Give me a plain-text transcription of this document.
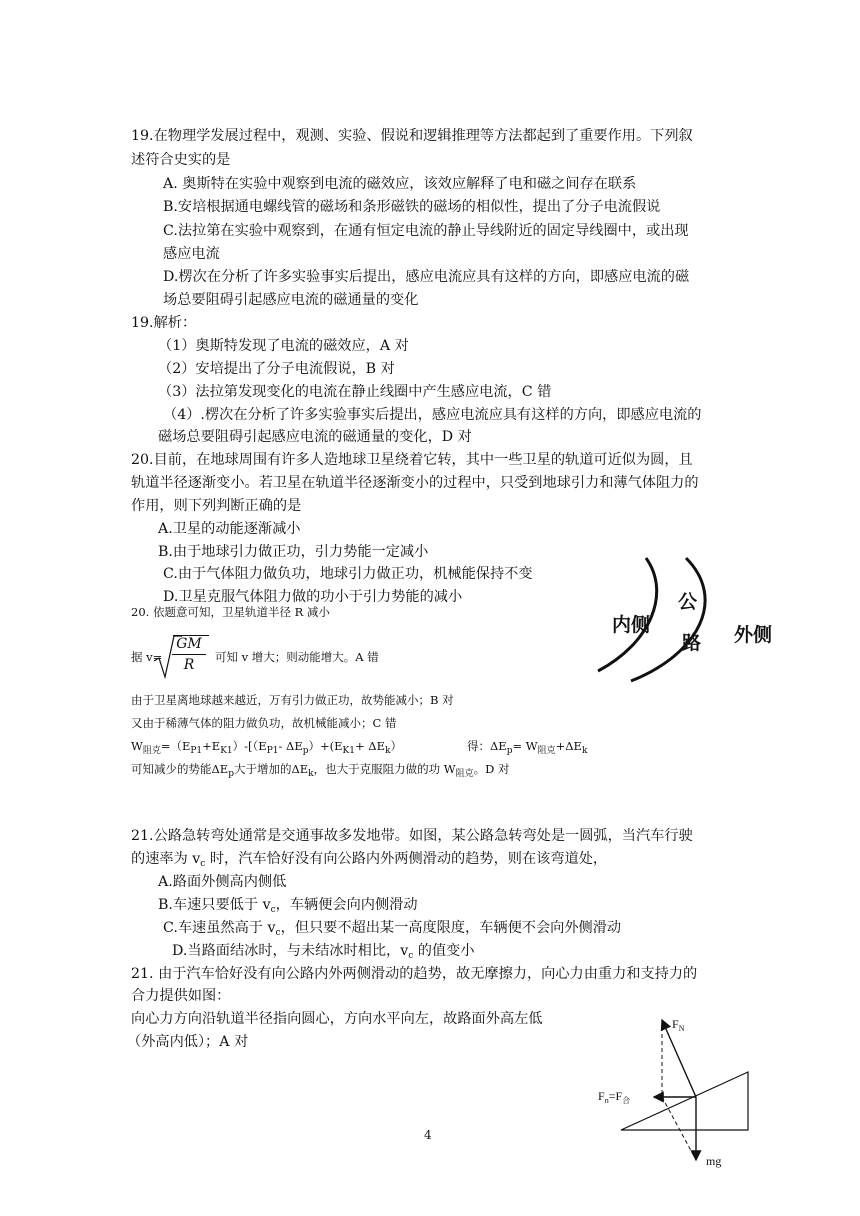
19.在物理学发展过程中，观测、实验、假说和逻辑推理等方法都起到了重要作用。下列叙
述符合史实的是
A. 奥斯特在实验中观察到电流的磁效应，该效应解释了电和磁之间存在联系
B.安培根据通电螺线管的磁场和条形磁铁的磁场的相似性，提出了分子电流假说
C.法拉第在实验中观察到，在通有恒定电流的静止导线附近的固定导线圈中，或出现
感应电流
D.楞次在分析了许多实验事实后提出，感应电流应具有这样的方向，即感应电流的磁
场总要阻碍引起感应电流的磁通量的变化
19.解析：
（1）奥斯特发现了电流的磁效应，A 对
（2）安培提出了分子电流假说，B 对
（3）法拉第发现变化的电流在静止线圈中产生感应电流，C 错
（4）.楞次在分析了许多实验事实后提出，感应电流应具有这样的方向，即感应电流的
磁场总要阻碍引起感应电流的磁通量的变化，D 对
20.目前，在地球周围有许多人造地球卫星绕着它转，其中一些卫星的轨道可近似为圆，且
轨道半径逐渐变小。若卫星在轨道半径逐渐变小的过程中，只受到地球引力和薄气体阻力的
作用，则下列判断正确的是
A.卫星的动能逐渐减小
B.由于地球引力做正功，引力势能一定减小
C.由于气体阻力做负功，地球引力做正功，机械能保持不变
D.卫星克服气体阻力做的功小于引力势能的减小
内侧
公
路 外侧
20. 依题意可知，卫星轨道半径 R 减小
据 $v= \frac{GM}{R}$ 可知 v 增大；则动能增大。A 错
由于卫星离地球越来越近，万有引力做正功，故势能减小；B 对
又由于稀薄气体的阻力做负功，故机械能减小；C 错
$W_{阻克}=(E_{P1}+E_{K1})-[(E_{P1}-$ $\Delta E_p)+(E_{K1}+ \Delta E_k)$	得：$\Delta E_p= W_{阻克}+\Delta E_k$
可知减少的势能$\Delta E_p$大于增加的$\Delta E_k$，也大于克服阻力做的功 $W_{阻克}$。D 对
21.公路急转弯处通常是交通事故多发地带。如图，某公路急转弯处是一圆弧，当汽车行驶
的速率为 $v_c$ 时，汽车恰好没有向公路内外两侧滑动的趋势，则在该弯道处，
A.路面外侧高内侧低
B.车速只要低于 $v_c$，车辆便会向内侧滑动
C.车速虽然高于 $v_c$，但只要不超出某一高度限度，车辆便不会向外侧滑动
D.当路面结冰时，与未结冰时相比，$v_c$ 的值变小
21. 由于汽车恰好没有向公路内外两侧滑动的趋势，故无摩擦力，向心力由重力和支持力的
合力提供如图：
向心力方向沿轨道半径指向圆心，方向水平向左，故路面外高左低
（外高内低）；A 对
$F_N$
$F_n=F_合$
mg
4
